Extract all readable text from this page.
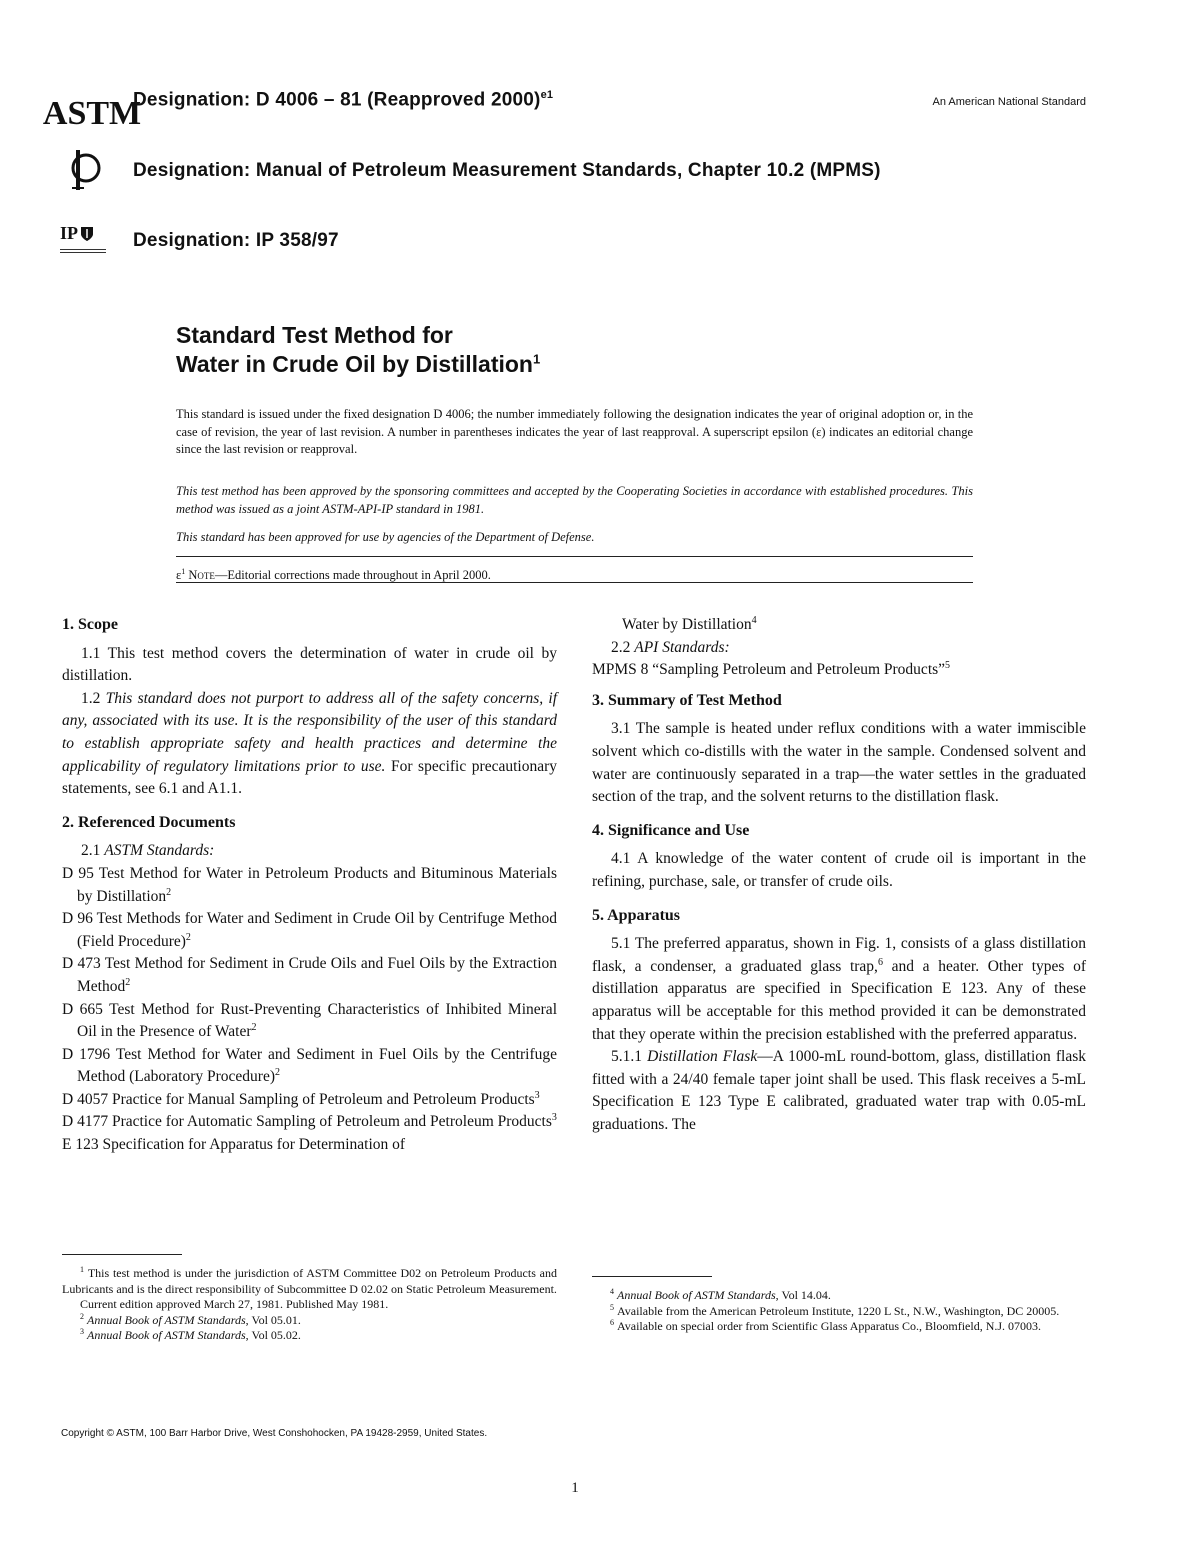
ASTM
IP
Designation: D 4006 – 81 (Reapproved 2000)$^{e1}$
An American National Standard
Designation: Manual of Petroleum Measurement Standards, Chapter 10.2 (MPMS)
Designation: IP 358/97
Standard Test Method for
Water in Crude Oil by Distillation$^1$
This standard is issued under the fixed designation D 4006; the number immediately following the designation indicates the year of original adoption or, in the case of revision, the year of last revision. A number in parentheses indicates the year of last reapproval. A superscript epsilon (ε) indicates an editorial change since the last revision or reapproval.
This test method has been approved by the sponsoring committees and accepted by the Cooperating Societies in accordance with established procedures. This method was issued as a joint ASTM-API-IP standard in 1981.
This standard has been approved for use by agencies of the Department of Defense.
$\varepsilon^1$ Note—Editorial corrections made throughout in April 2000.

1. Scope

1.1 This test method covers the determination of water in crude oil by distillation.

1.2 This standard does not purport to address all of the safety concerns, if any, associated with its use. It is the responsibility of the user of this standard to establish appropriate safety and health practices and determine the applicability of regulatory limitations prior to use. For specific precautionary statements, see 6.1 and A1.1.

2. Referenced Documents

2.1 ASTM Standards:

D 95 Test Method for Water in Petroleum Products and Bituminous Materials by Distillation$^2$

D 96 Test Methods for Water and Sediment in Crude Oil by Centrifuge Method (Field Procedure)$^2$

D 473 Test Method for Sediment in Crude Oils and Fuel Oils by the Extraction Method$^2$

D 665 Test Method for Rust-Preventing Characteristics of Inhibited Mineral Oil in the Presence of Water$^2$

D 1796 Test Method for Water and Sediment in Fuel Oils by the Centrifuge Method (Laboratory Procedure)$^2$

D 4057 Practice for Manual Sampling of Petroleum and Petroleum Products$^3$

D 4177 Practice for Automatic Sampling of Petroleum and Petroleum Products$^3$

E 123 Specification for Apparatus for Determination of

Water by Distillation$^4$

2.2 API Standards:

MPMS 8 “Sampling Petroleum and Petroleum Products”$^5$

3. Summary of Test Method

3.1 The sample is heated under reflux conditions with a water immiscible solvent which co-distills with the water in the sample. Condensed solvent and water are continuously separated in a trap—the water settles in the graduated section of the trap, and the solvent returns to the distillation flask.

4. Significance and Use

4.1 A knowledge of the water content of crude oil is important in the refining, purchase, sale, or transfer of crude oils.

5. Apparatus

5.1 The preferred apparatus, shown in Fig. 1, consists of a glass distillation flask, a condenser, a graduated glass trap,$^6$ and a heater. Other types of distillation apparatus are specified in Specification E 123. Any of these apparatus will be acceptable for this method provided it can be demonstrated that they operate within the precision established with the preferred apparatus.

5.1.1 Distillation Flask—A 1000-mL round-bottom, glass, distillation flask fitted with a 24/40 female taper joint shall be used. This flask receives a 5-mL Specification E 123 Type E calibrated, graduated water trap with 0.05-mL graduations. The

$^1$ This test method is under the jurisdiction of ASTM Committee D02 on Petroleum Products and Lubricants and is the direct responsibility of Subcommittee D 02.02 on Static Petroleum Measurement.

Current edition approved March 27, 1981. Published May 1981.

$^2$ Annual Book of ASTM Standards, Vol 05.01.

$^3$ Annual Book of ASTM Standards, Vol 05.02.

$^4$ Annual Book of ASTM Standards, Vol 14.04.

$^5$ Available from the American Petroleum Institute, 1220 L St., N.W., Washington, DC 20005.

$^6$ Available on special order from Scientific Glass Apparatus Co., Bloomfield, N.J. 07003.

Copyright © ASTM, 100 Barr Harbor Drive, West Conshohocken, PA 19428-2959, United States.
1
